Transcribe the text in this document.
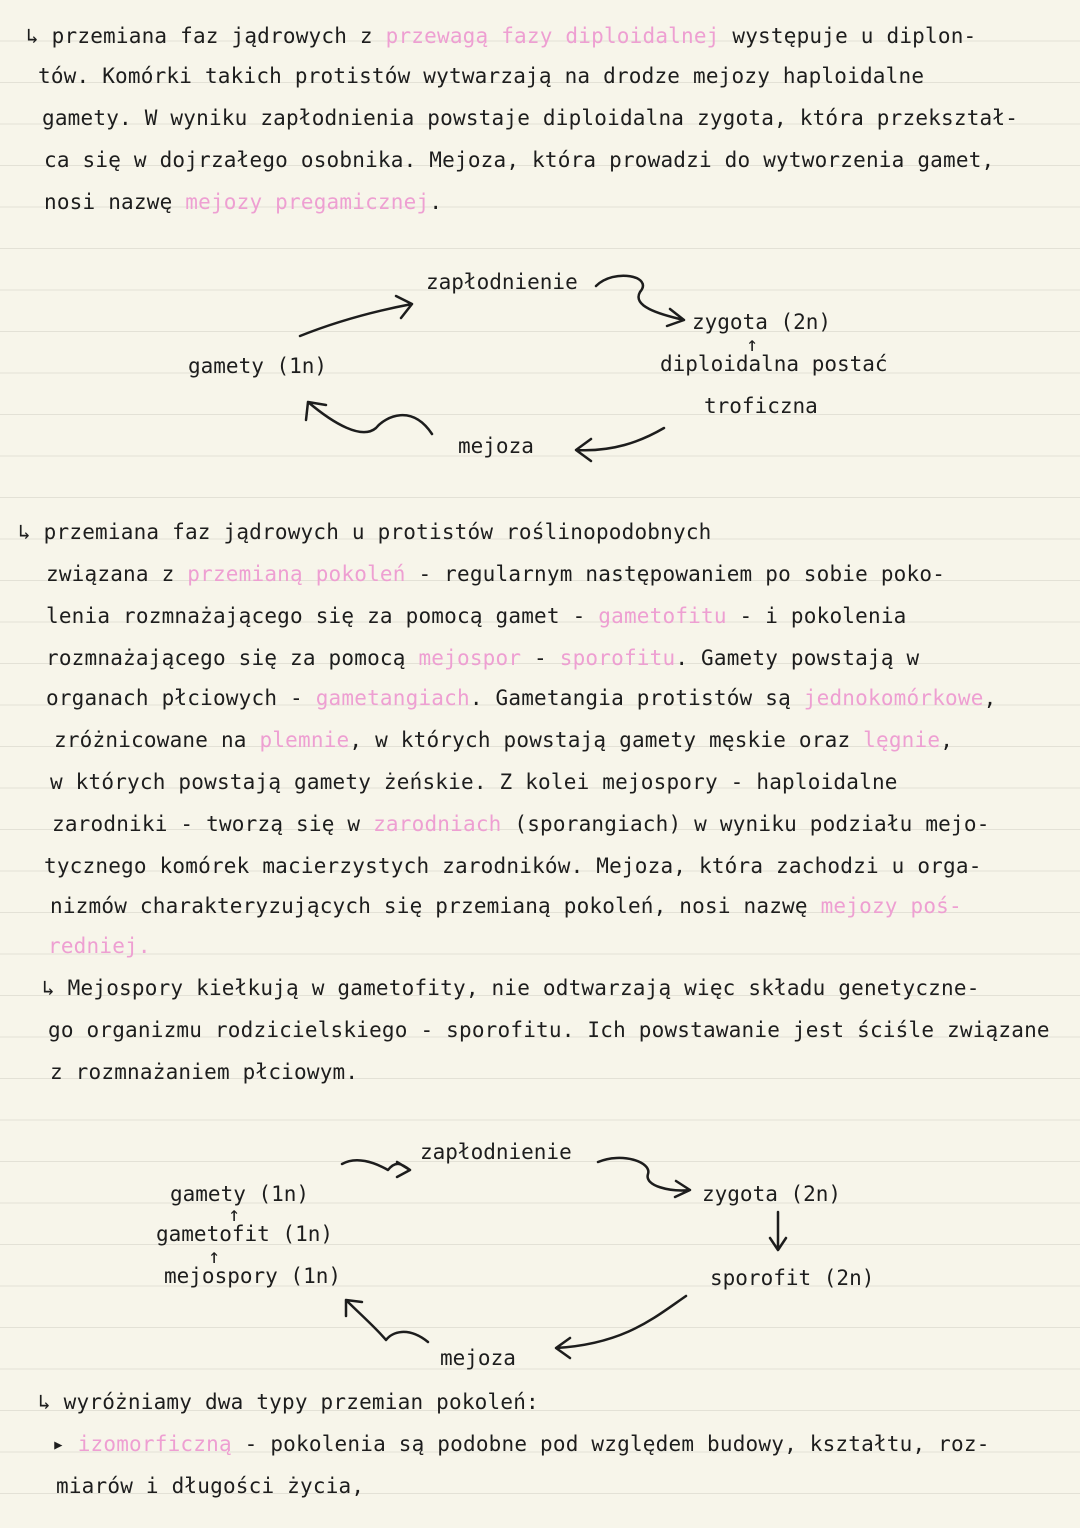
↳ przemiana faz jądrowych z przewagą fazy diploidalnej występuje u diplon-

tów. Komórki takich protistów wytwarzają na drodze mejozy haploidalne

gamety. W wyniku zapłodnienia powstaje diploidalna zygota, która przekształ-

ca się w dojrzałego osobnika. Mejoza, która prowadzi do wytworzenia gamet,

nosi nazwę mejozy pregamicznej.

zapłodnienie
zygota (2n)
↑
diploidalna postać
troficzna
mejoza
gamety (1n)

↳ przemiana faz jądrowych u protistów roślinopodobnych

związana z przemianą pokoleń - regularnym następowaniem po sobie poko-

lenia rozmnażającego się za pomocą gamet - gametofitu - i pokolenia

rozmnażającego się za pomocą mejospor - sporofitu. Gamety powstają w

organach płciowych - gametangiach. Gametangia protistów są jednokomórkowe,

zróżnicowane na plemnie, w których powstają gamety męskie oraz lęgnie,

w których powstają gamety żeńskie. Z kolei mejospory - haploidalne

zarodniki - tworzą się w zarodniach (sporangiach) w wyniku podziału mejo-

tycznego komórek macierzystych zarodników. Mejoza, która zachodzi u orga-

nizmów charakteryzujących się przemianą pokoleń, nosi nazwę mejozy poś-

redniej.

↳ Mejospory kiełkują w gametofity, nie odtwarzają więc składu genetyczne-

go organizmu rodzicielskiego - sporofitu. Ich powstawanie jest ściśle związane

z rozmnażaniem płciowym.

zapłodnienie
gamety (1n)
↑
gametofit (1n)
↑
mejospory (1n)
zygota (2n)
sporofit (2n)
mejoza

↳ wyróżniamy dwa typy przemian pokoleń:

▸ izomorficzną - pokolenia są podobne pod względem budowy, kształtu, roz-

miarów i długości życia,
